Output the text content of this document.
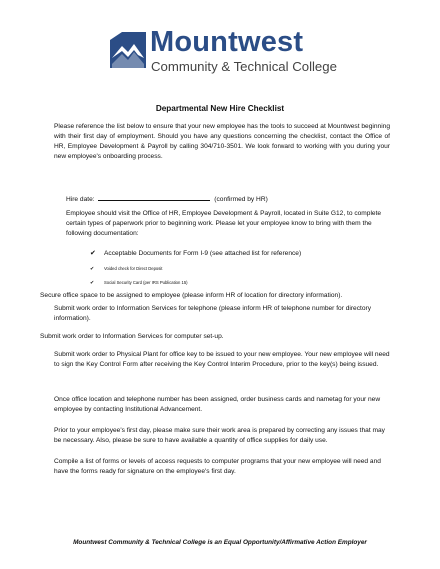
Mountwest
Community & Technical College
Departmental New Hire Checklist
Please reference the list below to ensure that your new employee has the tools to succeed at Mountwest beginning with their first day of employment. Should you have any questions concerning the checklist, contact the Office of HR, Employee Development & Payroll by calling 304/710-3501. We look forward to working with you during your new employee's onboarding process.
Hire date:	(confirmed by HR)
Employee should visit the Office of HR, Employee Development & Payroll, located in Suite G12, to complete certain types of paperwork prior to beginning work. Please let your employee know to bring with them the following documentation:
✔ Acceptable Documents for Form I-9 (see attached list for reference)
✔ Voided check for Direct Deposit
✔ Social Security Card (per IRS Publication 15)
Secure office space to be assigned to employee (please inform HR of location for directory information).
Submit work order to Information Services for telephone (please inform HR of telephone number for directory information).
Submit work order to Information Services for computer set-up.
Submit work order to Physical Plant for office key to be issued to your new employee. Your new employee will need to sign the Key Control Form after receiving the Key Control Interim Procedure, prior to the key(s) being issued.
Once office location and telephone number has been assigned, order business cards and nametag for your new employee by contacting Institutional Advancement.
Prior to your employee's first day, please make sure their work area is prepared by correcting any issues that may be necessary. Also, please be sure to have available a quantity of office supplies for daily use.
Compile a list of forms or levels of access requests to computer programs that your new employee will need and have the forms ready for signature on the employee's first day.
Mountwest Community & Technical College is an Equal Opportunity/Affirmative Action Employer
